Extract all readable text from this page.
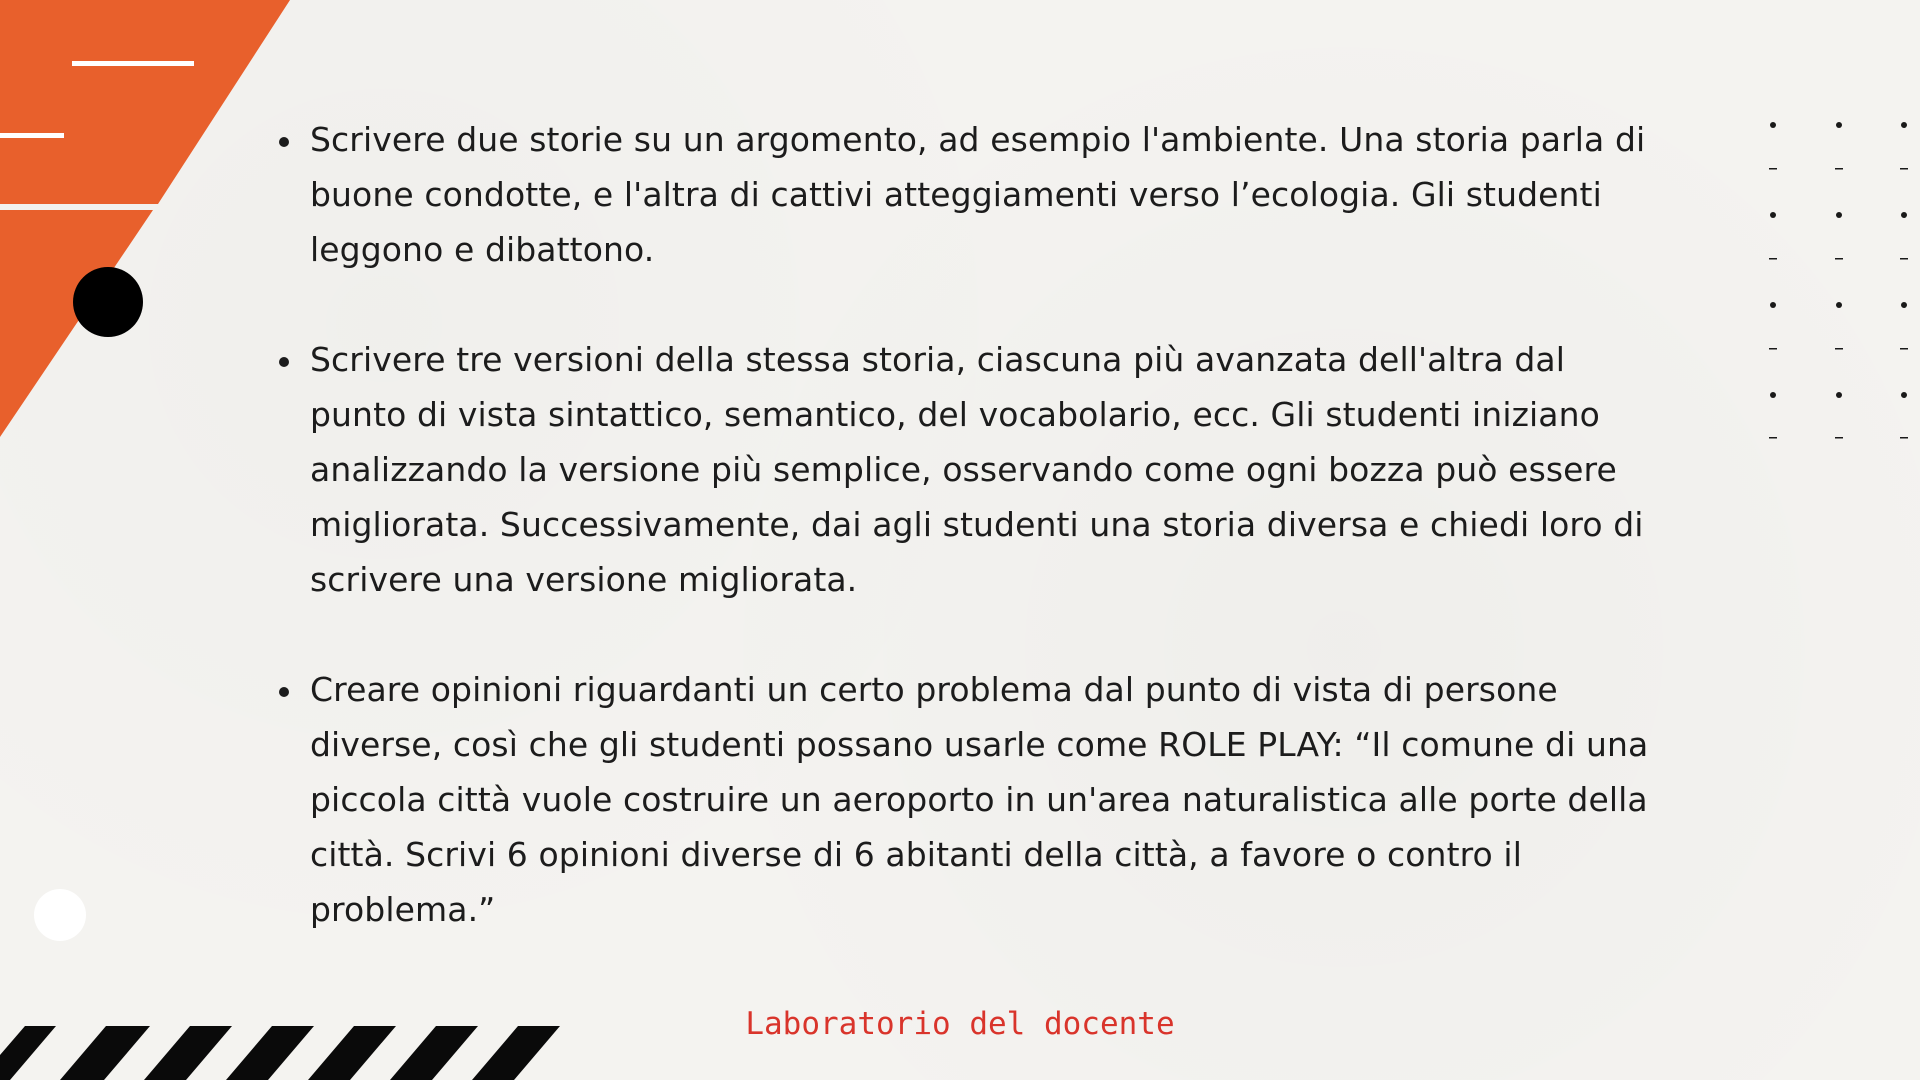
Scrivere due storie su un argomento, ad esempio l'ambiente. Una storia parla di buone condotte, e l'altra di cattivi atteggiamenti verso l’ecologia. Gli studenti leggono e dibattono.
Scrivere tre versioni della stessa storia, ciascuna più avanzata dell'altra dal punto di vista sintattico, semantico, del vocabolario, ecc. Gli studenti iniziano analizzando la versione più semplice, osservando come ogni bozza può essere migliorata. Successivamente, dai agli studenti una storia diversa e chiedi loro di scrivere una versione migliorata.
Creare opinioni riguardanti un certo problema dal punto di vista di persone diverse, così che gli studenti possano usarle come ROLE PLAY: “Il comune di una piccola città vuole costruire un aeroporto in un'area naturalistica alle porte della città. Scrivi 6 opinioni diverse di 6 abitanti della città, a favore o contro il problema.”
Laboratorio del docente
